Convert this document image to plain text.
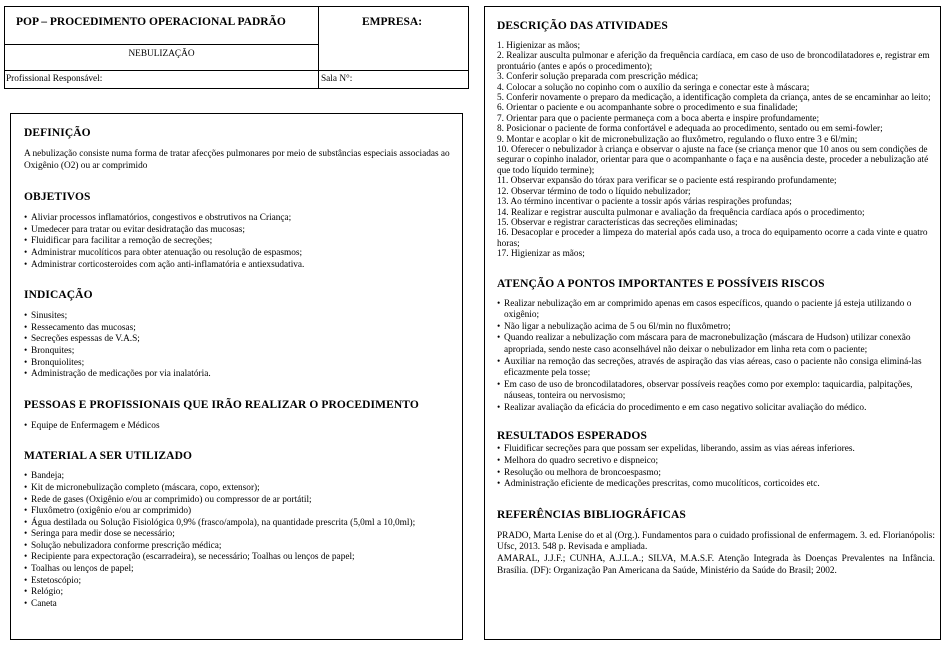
POP – PROCEDIMENTO OPERACIONAL PADRÃO	EMPRESA:
NEBULIZAÇÃO
Profissional Responsável:	Sala N°:
DEFINIÇÃO

A nebulização consiste numa forma de tratar afecções pulmonares por meio de substâncias especiais associadas ao Oxigênio (O2) ou ar comprimido

OBJETIVOS
• Aliviar processos inflamatórios, congestivos e obstrutivos na Criança;
• Umedecer para tratar ou evitar desidratação das mucosas;
• Fluidificar para facilitar a remoção de secreções;
• Administrar mucolíticos para obter atenuação ou resolução de espasmos;
• Administrar corticosteroides com ação anti-inflamatória e antiexsudativa.
INDICAÇÃO
• Sinusites;
• Ressecamento das mucosas;
• Secreções espessas de V.A.S;
• Bronquites;
• Bronquiolites;
• Administração de medicações por via inalatória.
PESSOAS E PROFISSIONAIS QUE IRÃO REALIZAR O PROCEDIMENTO
• Equipe de Enfermagem e Médicos
MATERIAL A SER UTILIZADO
• Bandeja;
• Kit de micronebulização completo (máscara, copo, extensor);
• Rede de gases (Oxigênio e/ou ar comprimido) ou compressor de ar portátil;
• Fluxômetro (oxigênio e/ou ar comprimido)
• Água destilada ou Solução Fisiológica 0,9% (frasco/ampola), na quantidade prescrita (5,0ml a 10,0ml);
• Seringa para medir dose se necessário;
• Solução nebulizadora conforme prescrição médica;
• Recipiente para expectoração (escarradeira), se necessário; Toalhas ou lenços de papel;
• Toalhas ou lenços de papel;
• Estetoscópio;
• Relógio;
• Caneta
DESCRIÇÃO DAS ATIVIDADES
1. Higienizar as mãos;
2. Realizar ausculta pulmonar e aferição da frequência cardíaca, em caso de uso de broncodilatadores e, registrar em prontuário (antes e após o procedimento);
3. Conferir solução preparada com prescrição médica;
4. Colocar a solução no copinho com o auxílio da seringa e conectar este à máscara;
5. Conferir novamente o preparo da medicação, a identificação completa da criança, antes de se encaminhar ao leito;
6. Orientar o paciente e ou acompanhante sobre o procedimento e sua finalidade;
7. Orientar para que o paciente permaneça com a boca aberta e inspire profundamente;
8. Posicionar o paciente de forma confortável e adequada ao procedimento, sentado ou em semi-fowler;
9. Montar e acoplar o kit de micronebulização ao fluxômetro, regulando o fluxo entre 3 e 6l/min;
10. Oferecer o nebulizador à criança e observar o ajuste na face (se criança menor que 10 anos ou sem condições de segurar o copinho inalador, orientar para que o acompanhante o faça e na ausência deste, proceder a nebulização até que todo líquido termine);
11. Observar expansão do tórax para verificar se o paciente está respirando profundamente;
12. Observar término de todo o líquido nebulizador;
13. Ao término incentivar o paciente a tossir após várias respirações profundas;
14. Realizar e registrar ausculta pulmonar e avaliação da frequência cardíaca após o procedimento;
15. Observar e registrar características das secreções eliminadas;
16. Desacoplar e proceder a limpeza do material após cada uso, a troca do equipamento ocorre a cada vinte e quatro horas;
17. Higienizar as mãos;
ATENÇÃO A PONTOS IMPORTANTES E POSSÍVEIS RISCOS
• Realizar nebulização em ar comprimido apenas em casos específicos, quando o paciente já esteja utilizando o oxigênio;
• Não ligar a nebulização acima de 5 ou 6l/min no fluxômetro;
• Quando realizar a nebulização com máscara para de macronebulização (máscara de Hudson) utilizar conexão apropriada, sendo neste caso aconselhável não deixar o nebulizador em linha reta com o paciente;
• Auxiliar na remoção das secreções, através de aspiração das vias aéreas, caso o paciente não consiga eliminá-las eficazmente pela tosse;
• Em caso de uso de broncodilatadores, observar possíveis reações como por exemplo: taquicardia, palpitações, náuseas, tonteira ou nervosismo;
• Realizar avaliação da eficácia do procedimento e em caso negativo solicitar avaliação do médico.
RESULTADOS ESPERADOS
• Fluidificar secreções para que possam ser expelidas, liberando, assim as vias aéreas inferiores.
• Melhora do quadro secretivo e dispneico;
• Resolução ou melhora de broncoespasmo;
• Administração eficiente de medicações prescritas, como mucolíticos, corticoides etc.
REFERÊNCIAS BIBLIOGRÁFICAS

PRADO, Marta Lenise do et al (Org.). Fundamentos para o cuidado profissional de enfermagem. 3. ed. Florianópolis: Ufsc, 2013. 548 p. Revisada e ampliada.

AMARAL, J.J.F.; CUNHA, A.J.L.A.; SILVA, M.A.S.F. Atenção Integrada às Doenças Prevalentes na Infância. Brasília. (DF): Organização Pan Americana da Saúde, Ministério da Saúde do Brasil; 2002.
